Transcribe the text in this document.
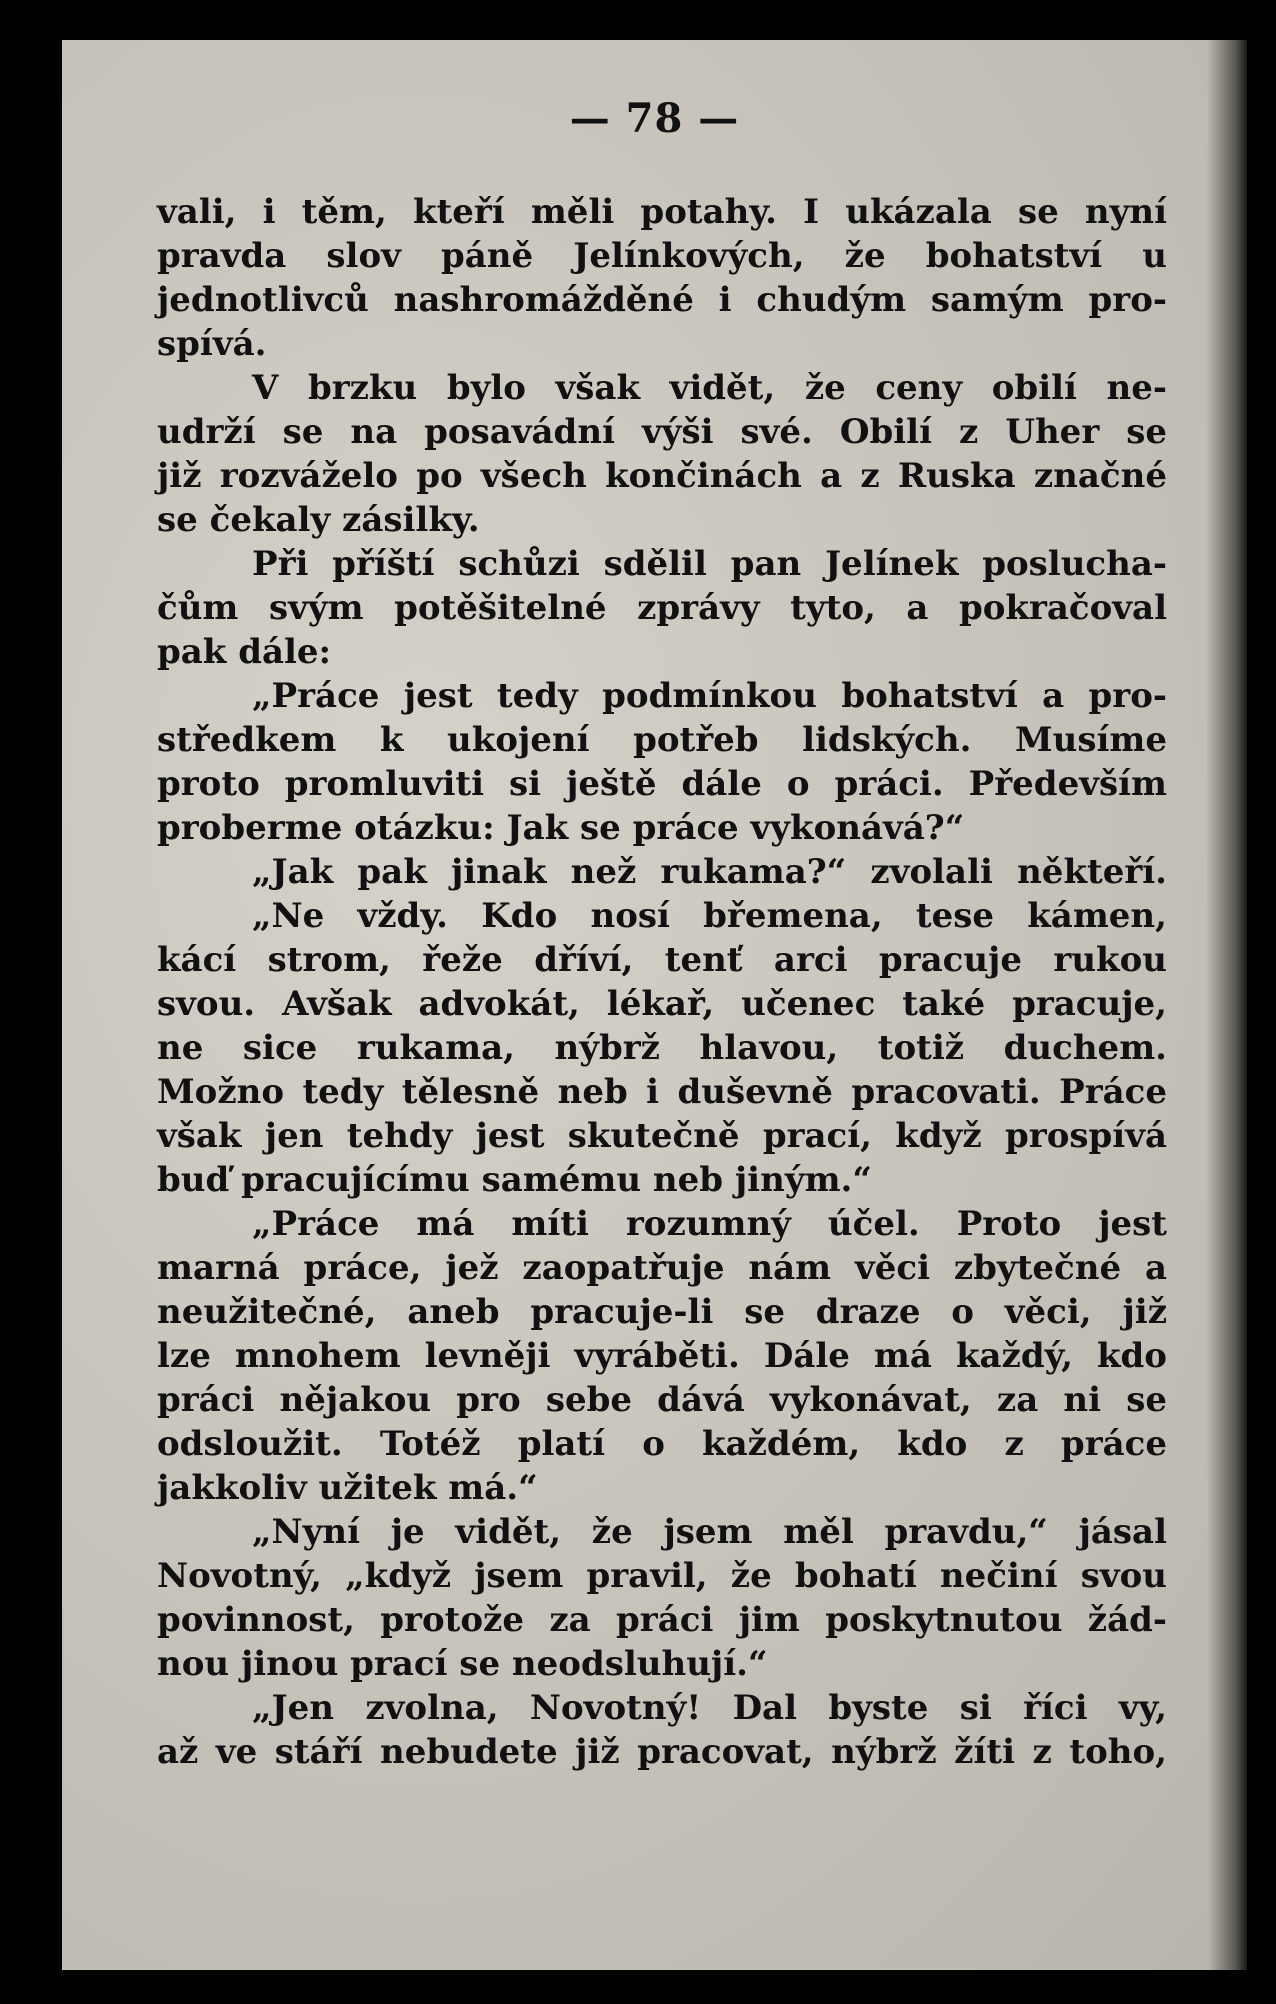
— 78 —
vali, i těm, kteří měli potahy. I ukázala se nyní
pravda slov páně Jelínkových, že bohatství u
jednotlivců nashromážděné i chudým samým pro-
spívá.
V brzku bylo však vidět, že ceny obilí ne-
udrží se na posavádní výši své. Obilí z Uher se
již rozváželo po všech končinách a z Ruska značné
se čekaly zásilky.
Při příští schůzi sdělil pan Jelínek poslucha-
čům svým potěšitelné zprávy tyto, a pokračoval
pak dále:
„Práce jest tedy podmínkou bohatství a pro-
středkem k ukojení potřeb lidských. Musíme
proto promluviti si ještě dále o práci. Především
proberme otázku: Jak se práce vykonává?“
„Jak pak jinak než rukama?“ zvolali někteří.
„Ne vždy. Kdo nosí břemena, tese kámen,
kácí strom, řeže dříví, tenť arci pracuje rukou
svou. Avšak advokát, lékař, učenec také pracuje,
ne sice rukama, nýbrž hlavou, totiž duchem.
Možno tedy tělesně neb i duševně pracovati. Práce
však jen tehdy jest skutečně prací, když prospívá
buď pracujícímu samému neb jiným.“
„Práce má míti rozumný účel. Proto jest
marná práce, jež zaopatřuje nám věci zbytečné a
neužitečné, aneb pracuje-li se draze o věci, již
lze mnohem levněji vyráběti. Dále má každý, kdo
práci nějakou pro sebe dává vykonávat, za ni se
odsloužit. Totéž platí o každém, kdo z práce
jakkoliv užitek má.“
„Nyní je vidět, že jsem měl pravdu,“ jásal
Novotný, „když jsem pravil, že bohatí nečiní svou
povinnost, protože za práci jim poskytnutou žád-
nou jinou prací se neodsluhují.“
„Jen zvolna, Novotný! Dal byste si říci vy,
až ve stáří nebudete již pracovat, nýbrž žíti z toho,
